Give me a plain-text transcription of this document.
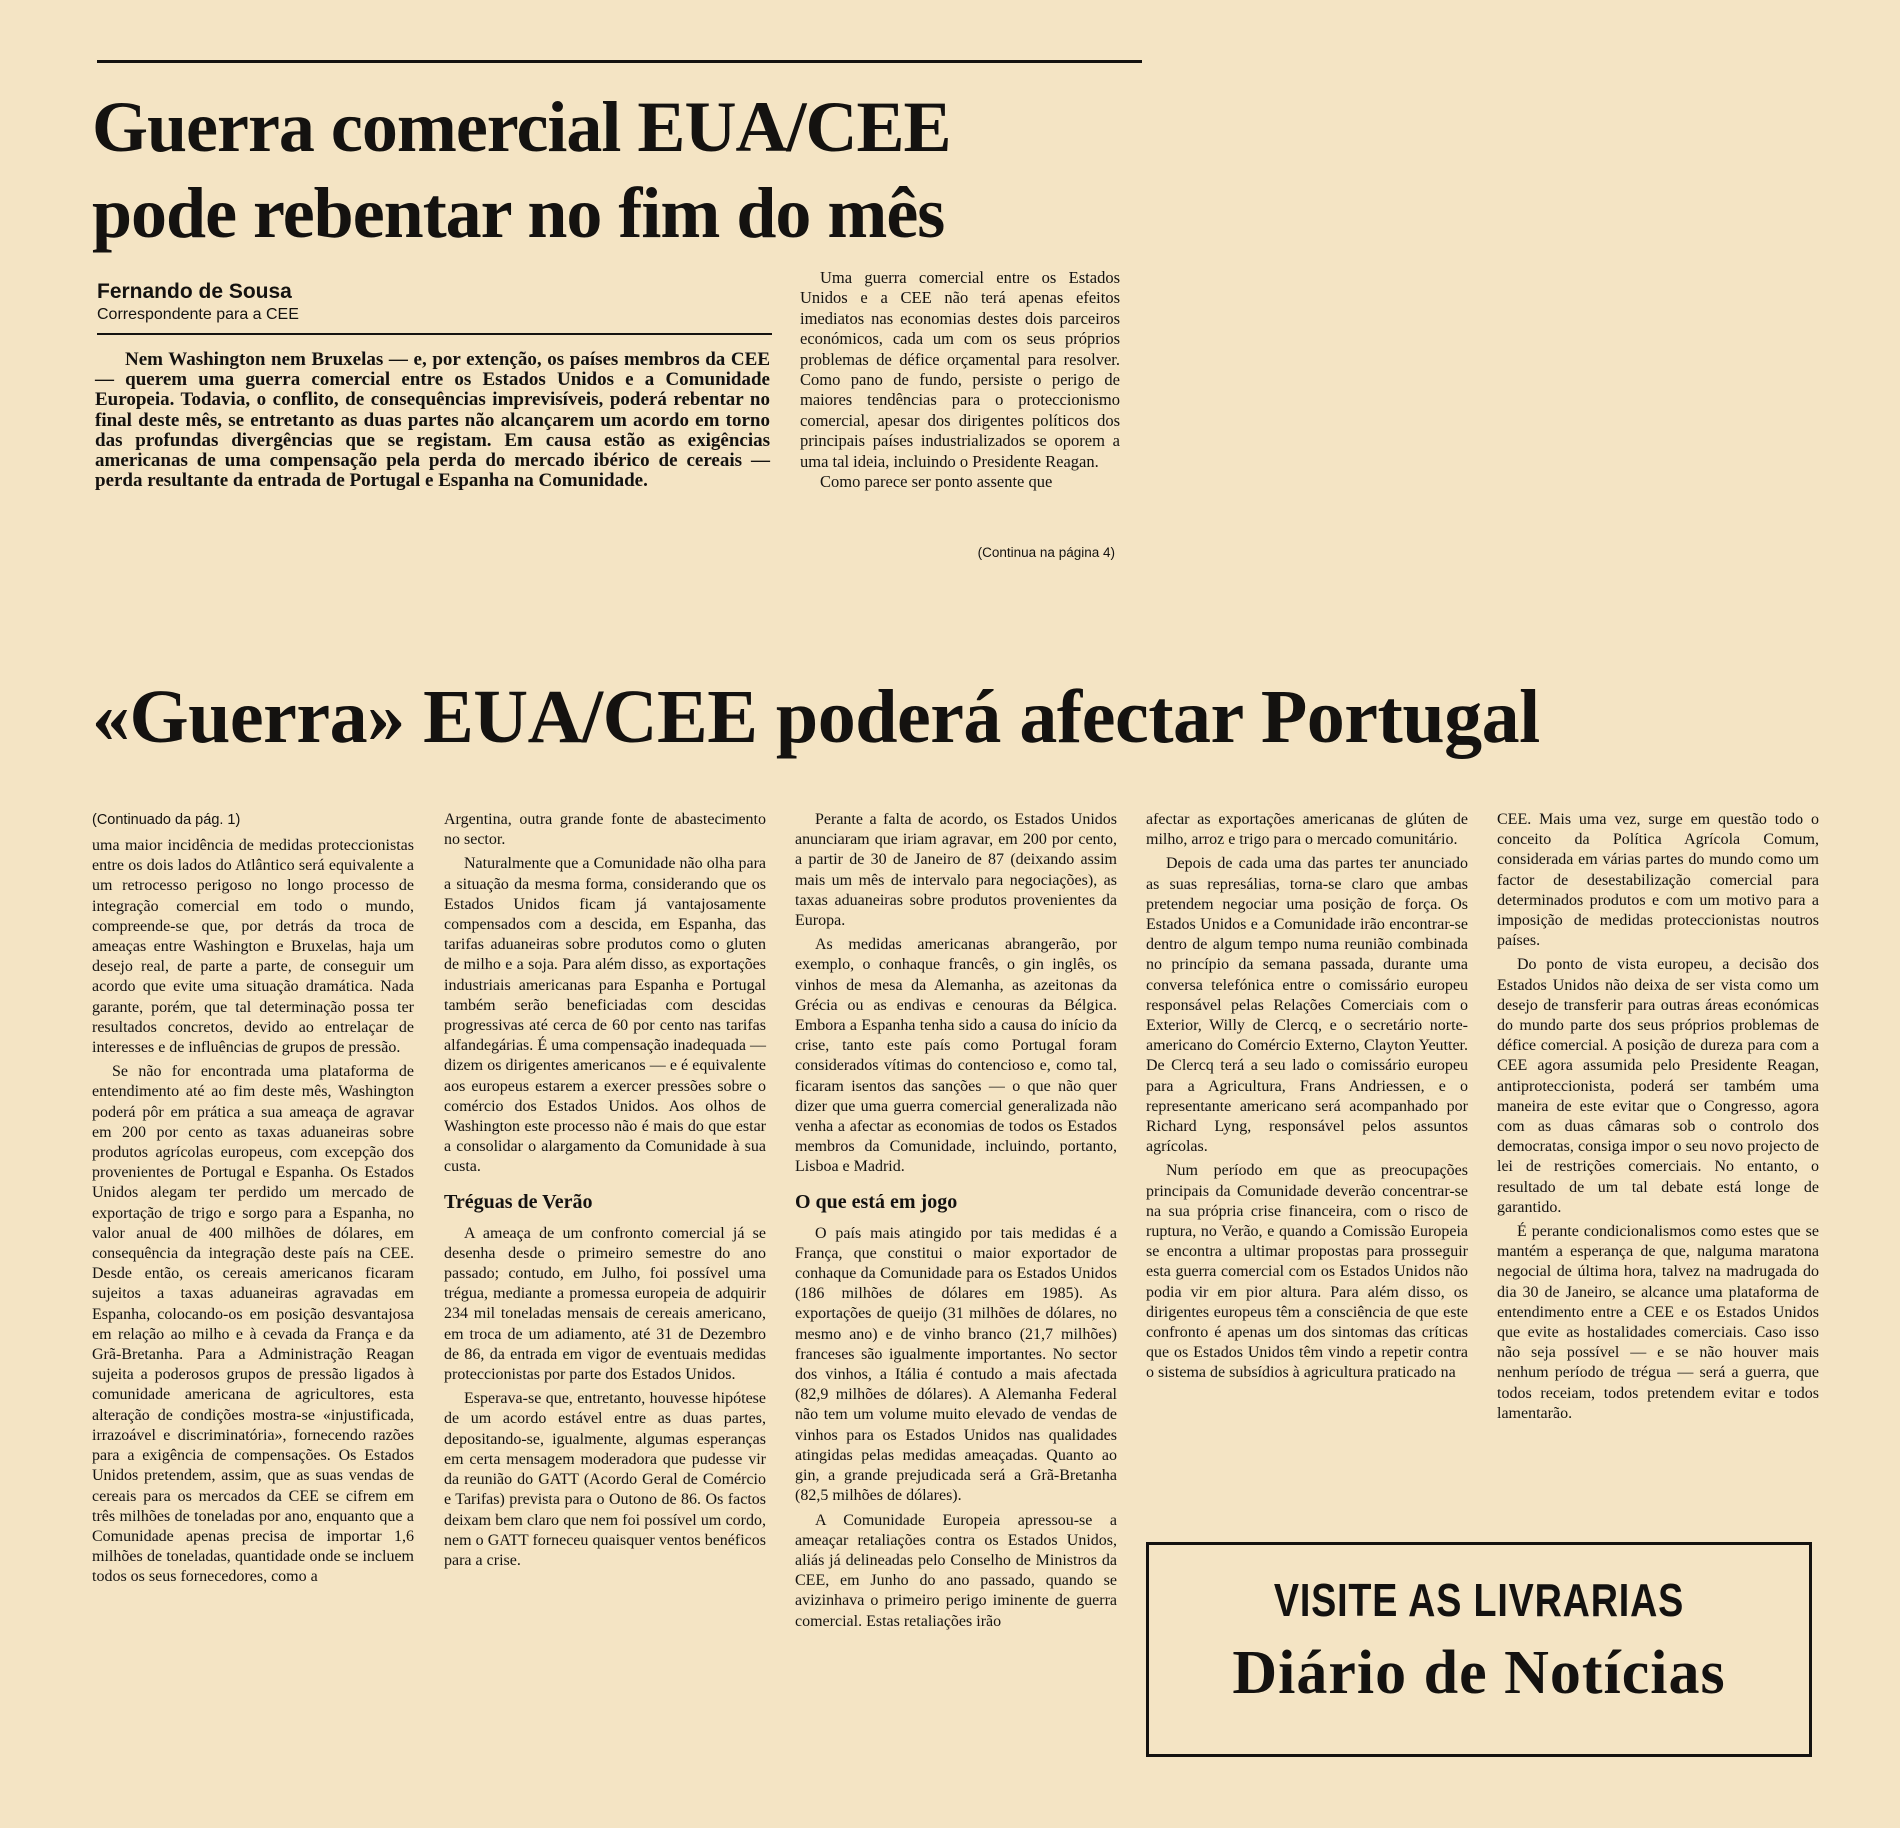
Guerra comercial EUA/CEE
pode rebentar no fim do mês
Fernando de Sousa
Correspondente para a CEE

Nem Washington nem Bruxelas — e, por extenção, os países membros da CEE — querem uma guerra comercial entre os Estados Unidos e a Comunidade Europeia. Todavia, o conflito, de consequências imprevisíveis, poderá rebentar no final deste mês, se entretanto as duas partes não alcançarem um acordo em torno das profundas divergências que se registam. Em causa estão as exigências americanas de uma compensação pela perda do mercado ibérico de cereais — perda resultante da entrada de Portugal e Espanha na Comunidade.

Uma guerra comercial entre os Estados Unidos e a CEE não terá apenas efeitos imediatos nas economias destes dois parceiros económicos, cada um com os seus próprios problemas de défice orçamental para resolver. Como pano de fundo, persiste o perigo de maiores tendências para o proteccionismo comercial, apesar dos dirigentes políticos dos principais países industrializados se oporem a uma tal ideia, incluindo o Presidente Reagan.

Como parece ser ponto assente que

(Continua na página 4)
«Guerra» EUA/CEE poderá afectar Portugal
(Continuado da pág. 1)

uma maior incidência de medidas proteccionistas entre os dois lados do Atlântico será equivalente a um retrocesso perigoso no longo processo de integração comercial em todo o mundo, compreende-se que, por detrás da troca de ameaças entre Washington e Bruxelas, haja um desejo real, de parte a parte, de conseguir um acordo que evite uma situação dramática. Nada garante, porém, que tal determinação possa ter resultados concretos, devido ao entrelaçar de interesses e de influências de grupos de pressão.

Se não for encontrada uma plataforma de entendimento até ao fim deste mês, Washington poderá pôr em prática a sua ameaça de agravar em 200 por cento as taxas aduaneiras sobre produtos agrícolas europeus, com excepção dos provenientes de Portugal e Espanha. Os Estados Unidos alegam ter perdido um mercado de exportação de trigo e sorgo para a Espanha, no valor anual de 400 milhões de dólares, em consequência da integração deste país na CEE. Desde então, os cereais americanos ficaram sujeitos a taxas aduaneiras agravadas em Espanha, colocando-os em posição desvantajosa em relação ao milho e à cevada da França e da Grã-Bretanha. Para a Administração Reagan sujeita a poderosos grupos de pressão ligados à comunidade americana de agricultores, esta alteração de condições mostra-se «injustificada, irrazoável e discriminatória», fornecendo razões para a exigência de compensações. Os Estados Unidos pretendem, assim, que as suas vendas de cereais para os mercados da CEE se cifrem em três milhões de toneladas por ano, enquanto que a Comunidade apenas precisa de importar 1,6 milhões de toneladas, quantidade onde se incluem todos os seus fornecedores, como a

Argentina, outra grande fonte de abastecimento no sector.

Naturalmente que a Comunidade não olha para a situação da mesma forma, considerando que os Estados Unidos ficam já vantajosamente compensados com a descida, em Espanha, das tarifas aduaneiras sobre produtos como o gluten de milho e a soja. Para além disso, as exportações industriais americanas para Espanha e Portugal também serão beneficiadas com descidas progressivas até cerca de 60 por cento nas tarifas alfandegárias. É uma compensação inadequada — dizem os dirigentes americanos — e é equivalente aos europeus estarem a exercer pressões sobre o comércio dos Estados Unidos. Aos olhos de Washington este processo não é mais do que estar a consolidar o alargamento da Comunidade à sua custa.

Tréguas de Verão

A ameaça de um confronto comercial já se desenha desde o primeiro semestre do ano passado; contudo, em Julho, foi possível uma trégua, mediante a promessa europeia de adquirir 234 mil toneladas mensais de cereais americano, em troca de um adiamento, até 31 de Dezembro de 86, da entrada em vigor de eventuais medidas proteccionistas por parte dos Estados Unidos.

Esperava-se que, entretanto, houvesse hipótese de um acordo estável entre as duas partes, depositando-se, igualmente, algumas esperanças em certa mensagem moderadora que pudesse vir da reunião do GATT (Acordo Geral de Comércio e Tarifas) prevista para o Outono de 86. Os factos deixam bem claro que nem foi possível um cordo, nem o GATT forneceu quaisquer ventos benéficos para a crise.

Perante a falta de acordo, os Estados Unidos anunciaram que iriam agravar, em 200 por cento, a partir de 30 de Janeiro de 87 (deixando assim mais um mês de intervalo para negociações), as taxas aduaneiras sobre produtos provenientes da Europa.

As medidas americanas abrangerão, por exemplo, o conhaque francês, o gin inglês, os vinhos de mesa da Alemanha, as azeitonas da Grécia ou as endivas e cenouras da Bélgica. Embora a Espanha tenha sido a causa do início da crise, tanto este país como Portugal foram considerados vítimas do contencioso e, como tal, ficaram isentos das sanções — o que não quer dizer que uma guerra comercial generalizada não venha a afectar as economias de todos os Estados membros da Comunidade, incluindo, portanto, Lisboa e Madrid.

O que está em jogo

O país mais atingido por tais medidas é a França, que constitui o maior exportador de conhaque da Comunidade para os Estados Unidos (186 milhões de dólares em 1985). As exportações de queijo (31 milhões de dólares, no mesmo ano) e de vinho branco (21,7 milhões) franceses são igualmente importantes. No sector dos vinhos, a Itália é contudo a mais afectada (82,9 milhões de dólares). A Alemanha Federal não tem um volume muito elevado de vendas de vinhos para os Estados Unidos nas qualidades atingidas pelas medidas ameaçadas. Quanto ao gin, a grande prejudicada será a Grã-Bretanha (82,5 milhões de dólares).

A Comunidade Europeia apressou-se a ameaçar retaliações contra os Estados Unidos, aliás já delineadas pelo Conselho de Ministros da CEE, em Junho do ano passado, quando se avizinhava o primeiro perigo iminente de guerra comercial. Estas retaliações irão

afectar as exportações americanas de glúten de milho, arroz e trigo para o mercado comunitário.

Depois de cada uma das partes ter anunciado as suas represálias, torna-se claro que ambas pretendem negociar uma posição de força. Os Estados Unidos e a Comunidade irão encontrar-se dentro de algum tempo numa reunião combinada no princípio da semana passada, durante uma conversa telefónica entre o comissário europeu responsável pelas Relações Comerciais com o Exterior, Willy de Clercq, e o secretário norte-americano do Comércio Externo, Clayton Yeutter. De Clercq terá a seu lado o comissário europeu para a Agricultura, Frans Andriessen, e o representante americano será acompanhado por Richard Lyng, responsável pelos assuntos agrícolas.

Num período em que as preocupações principais da Comunidade deverão concentrar-se na sua própria crise financeira, com o risco de ruptura, no Verão, e quando a Comissão Europeia se encontra a ultimar propostas para prosseguir esta guerra comercial com os Estados Unidos não podia vir em pior altura. Para além disso, os dirigentes europeus têm a consciência de que este confronto é apenas um dos sintomas das críticas que os Estados Unidos têm vindo a repetir contra o sistema de subsídios à agricultura praticado na

CEE. Mais uma vez, surge em questão todo o conceito da Política Agrícola Comum, considerada em várias partes do mundo como um factor de desestabilização comercial para determinados produtos e com um motivo para a imposição de medidas proteccionistas noutros países.

Do ponto de vista europeu, a decisão dos Estados Unidos não deixa de ser vista como um desejo de transferir para outras áreas económicas do mundo parte dos seus próprios problemas de défice comercial. A posição de dureza para com a CEE agora assumida pelo Presidente Reagan, antiproteccionista, poderá ser também uma maneira de este evitar que o Congresso, agora com as duas câmaras sob o controlo dos democratas, consiga impor o seu novo projecto de lei de restrições comerciais. No entanto, o resultado de um tal debate está longe de garantido.

É perante condicionalismos como estes que se mantém a esperança de que, nalguma maratona negocial de última hora, talvez na madrugada do dia 30 de Janeiro, se alcance uma plataforma de entendimento entre a CEE e os Estados Unidos que evite as hostalidades comerciais. Caso isso não seja possível — e se não houver mais nenhum período de trégua — será a guerra, que todos receiam, todos pretendem evitar e todos lamentarão.

VISITE AS LIVRARIAS
Diário de Notícias
